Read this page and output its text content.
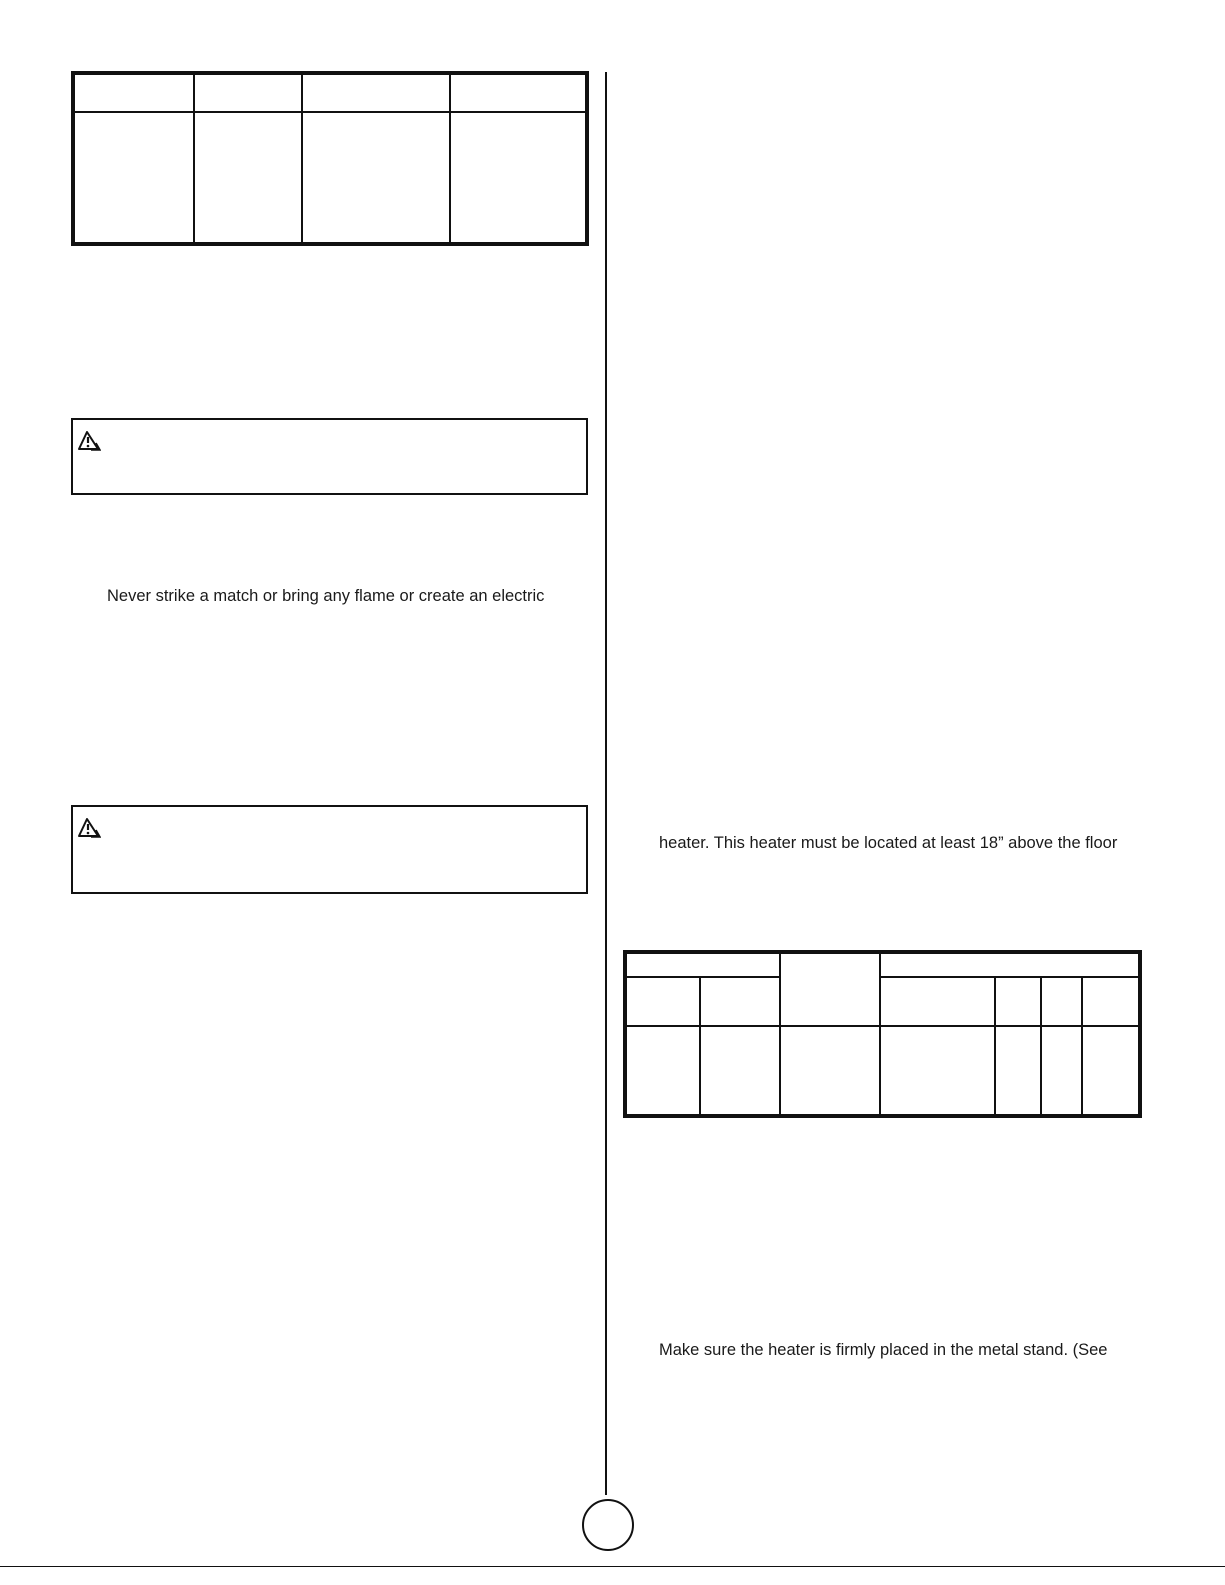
Never strike a match or bring any flame or create an electric
heater. This heater must be located at least 18” above the floor
Make sure the heater is firmly placed in the metal stand. (See
